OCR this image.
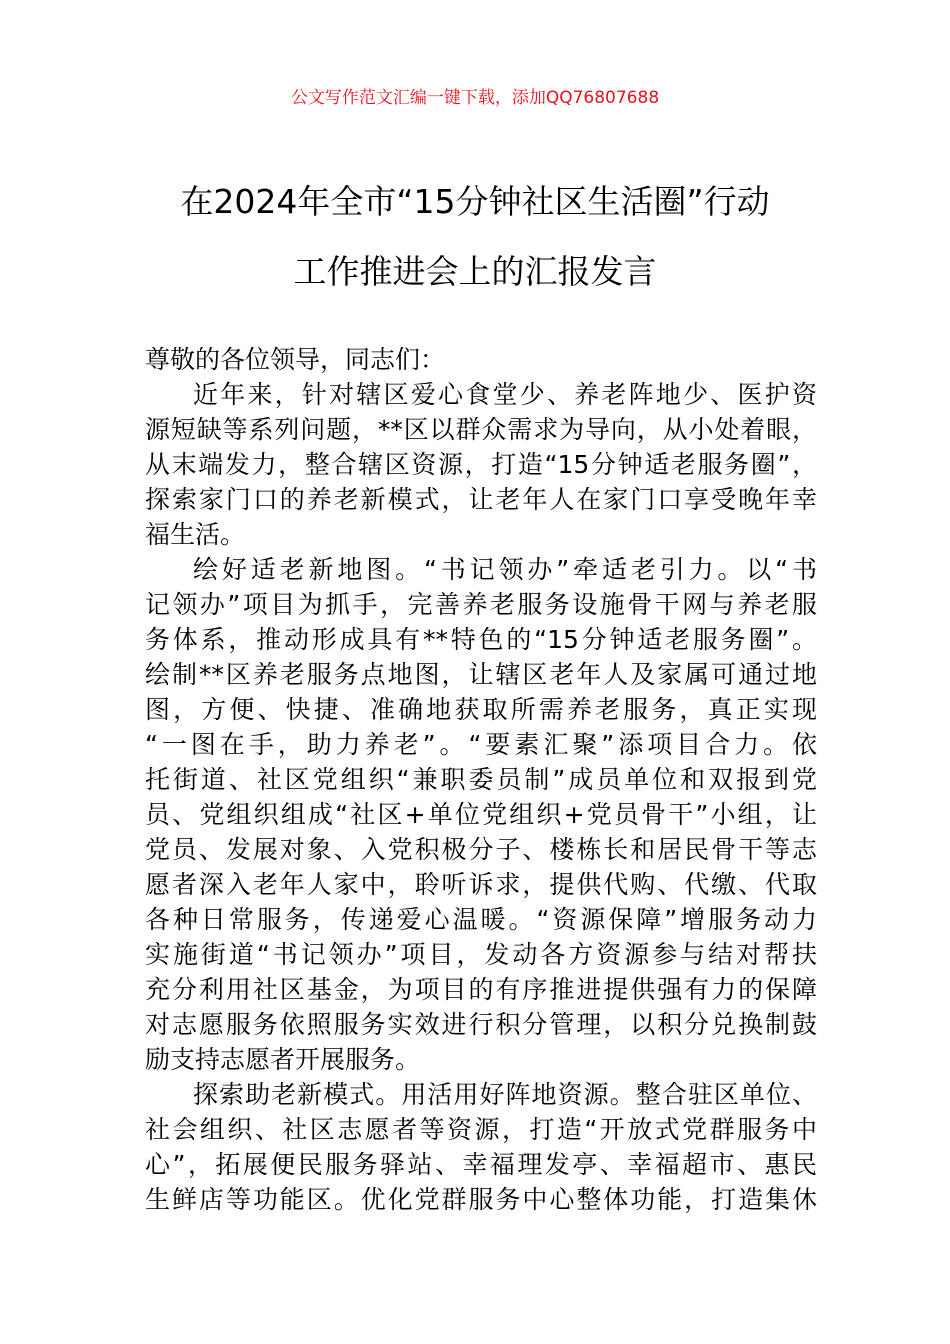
公文写作范文汇编一键下载，添加QQ76807688
在2024年全市“15分钟社区生活圈”行动
工作推进会上的汇报发言
尊敬的各位领导，同志们：
近年来，针对辖区爱心食堂少、养老阵地少、医护资
源短缺等系列问题，**区以群众需求为导向，从小处着眼，
从末端发力，整合辖区资源，打造“15分钟适老服务圈”，
探索家门口的养老新模式，让老年人在家门口享受晚年幸
福生活。
绘好适老新地图。“书记领办”牵适老引力。以“书
记领办”项目为抓手，完善养老服务设施骨干网与养老服
务体系，推动形成具有**特色的“15分钟适老服务圈”。
绘制**区养老服务点地图，让辖区老年人及家属可通过地
图，方便、快捷、准确地获取所需养老服务，真正实现
“一图在手，助力养老”。“要素汇聚”添项目合力。依
托街道、社区党组织“兼职委员制”成员单位和双报到党
员、党组织组成“社区+单位党组织+党员骨干”小组，让
党员、发展对象、入党积极分子、楼栋长和居民骨干等志
愿者深入老年人家中，聆听诉求，提供代购、代缴、代取
各种日常服务，传递爱心温暖。“资源保障”增服务动力
实施街道“书记领办”项目，发动各方资源参与结对帮扶
充分利用社区基金，为项目的有序推进提供强有力的保障
对志愿服务依照服务实效进行积分管理，以积分兑换制鼓
励支持志愿者开展服务。
探索助老新模式。用活用好阵地资源。整合驻区单位、
社会组织、社区志愿者等资源，打造“开放式党群服务中
心”，拓展便民服务驿站、幸福理发亭、幸福超市、惠民
生鲜店等功能区。优化党群服务中心整体功能，打造集休
